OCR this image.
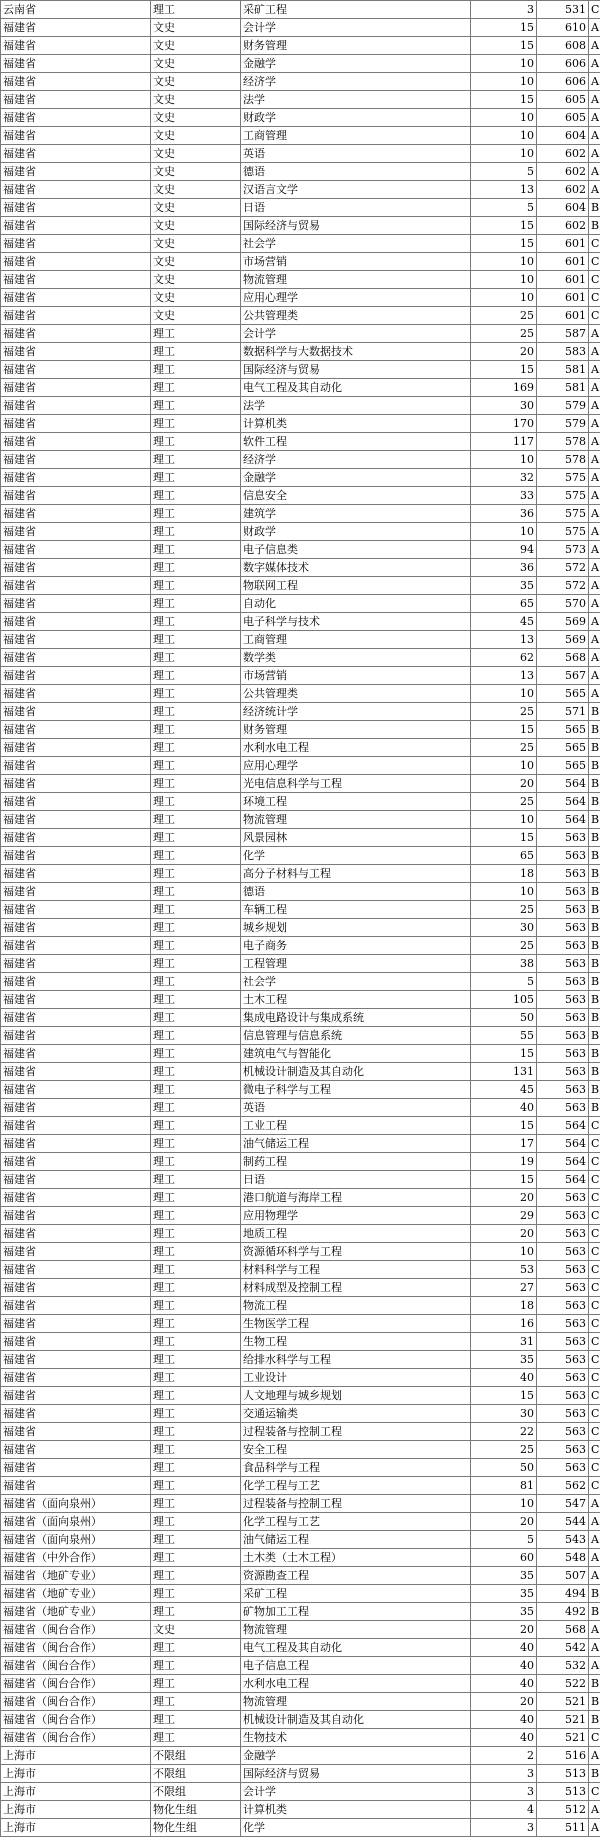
云南省	理工	采矿工程	3	531	C
福建省	文史	会计学	15	610	A
福建省	文史	财务管理	15	608	A
福建省	文史	金融学	10	606	A
福建省	文史	经济学	10	606	A
福建省	文史	法学	15	605	A
福建省	文史	财政学	10	605	A
福建省	文史	工商管理	10	604	A
福建省	文史	英语	10	602	A
福建省	文史	德语	5	602	A
福建省	文史	汉语言文学	13	602	A
福建省	文史	日语	5	604	B
福建省	文史	国际经济与贸易	15	602	B
福建省	文史	社会学	15	601	C
福建省	文史	市场营销	10	601	C
福建省	文史	物流管理	10	601	C
福建省	文史	应用心理学	10	601	C
福建省	文史	公共管理类	25	601	C
福建省	理工	会计学	25	587	A
福建省	理工	数据科学与大数据技术	20	583	A
福建省	理工	国际经济与贸易	15	581	A
福建省	理工	电气工程及其自动化	169	581	A
福建省	理工	法学	30	579	A
福建省	理工	计算机类	170	579	A
福建省	理工	软件工程	117	578	A
福建省	理工	经济学	10	578	A
福建省	理工	金融学	32	575	A
福建省	理工	信息安全	33	575	A
福建省	理工	建筑学	36	575	A
福建省	理工	财政学	10	575	A
福建省	理工	电子信息类	94	573	A
福建省	理工	数字媒体技术	36	572	A
福建省	理工	物联网工程	35	572	A
福建省	理工	自动化	65	570	A
福建省	理工	电子科学与技术	45	569	A
福建省	理工	工商管理	13	569	A
福建省	理工	数学类	62	568	A
福建省	理工	市场营销	13	567	A
福建省	理工	公共管理类	10	565	A
福建省	理工	经济统计学	25	571	B
福建省	理工	财务管理	15	565	B
福建省	理工	水利水电工程	25	565	B
福建省	理工	应用心理学	10	565	B
福建省	理工	光电信息科学与工程	20	564	B
福建省	理工	环境工程	25	564	B
福建省	理工	物流管理	10	564	B
福建省	理工	风景园林	15	563	B
福建省	理工	化学	65	563	B
福建省	理工	高分子材料与工程	18	563	B
福建省	理工	德语	10	563	B
福建省	理工	车辆工程	25	563	B
福建省	理工	城乡规划	30	563	B
福建省	理工	电子商务	25	563	B
福建省	理工	工程管理	38	563	B
福建省	理工	社会学	5	563	B
福建省	理工	土木工程	105	563	B
福建省	理工	集成电路设计与集成系统	50	563	B
福建省	理工	信息管理与信息系统	55	563	B
福建省	理工	建筑电气与智能化	15	563	B
福建省	理工	机械设计制造及其自动化	131	563	B
福建省	理工	微电子科学与工程	45	563	B
福建省	理工	英语	40	563	B
福建省	理工	工业工程	15	564	C
福建省	理工	油气储运工程	17	564	C
福建省	理工	制药工程	19	564	C
福建省	理工	日语	15	564	C
福建省	理工	港口航道与海岸工程	20	563	C
福建省	理工	应用物理学	29	563	C
福建省	理工	地质工程	20	563	C
福建省	理工	资源循环科学与工程	10	563	C
福建省	理工	材料科学与工程	53	563	C
福建省	理工	材料成型及控制工程	27	563	C
福建省	理工	物流工程	18	563	C
福建省	理工	生物医学工程	16	563	C
福建省	理工	生物工程	31	563	C
福建省	理工	给排水科学与工程	35	563	C
福建省	理工	工业设计	40	563	C
福建省	理工	人文地理与城乡规划	15	563	C
福建省	理工	交通运输类	30	563	C
福建省	理工	过程装备与控制工程	22	563	C
福建省	理工	安全工程	25	563	C
福建省	理工	食品科学与工程	50	563	C
福建省	理工	化学工程与工艺	81	562	C
福建省（面向泉州）	理工	过程装备与控制工程	10	547	A
福建省（面向泉州）	理工	化学工程与工艺	20	544	A
福建省（面向泉州）	理工	油气储运工程	5	543	A
福建省（中外合作）	理工	土木类（土木工程）	60	548	A
福建省（地矿专业）	理工	资源勘查工程	35	507	A
福建省（地矿专业）	理工	采矿工程	35	494	B
福建省（地矿专业）	理工	矿物加工工程	35	492	B
福建省（闽台合作）	文史	物流管理	20	568	A
福建省（闽台合作）	理工	电气工程及其自动化	40	542	A
福建省（闽台合作）	理工	电子信息工程	40	532	A
福建省（闽台合作）	理工	水利水电工程	40	522	B
福建省（闽台合作）	理工	物流管理	20	521	B
福建省（闽台合作）	理工	机械设计制造及其自动化	40	521	B
福建省（闽台合作）	理工	生物技术	40	521	C
上海市	不限组	金融学	2	516	A
上海市	不限组	国际经济与贸易	3	513	B
上海市	不限组	会计学	3	513	C
上海市	物化生组	计算机类	4	512	A
上海市	物化生组	化学	3	511	A
